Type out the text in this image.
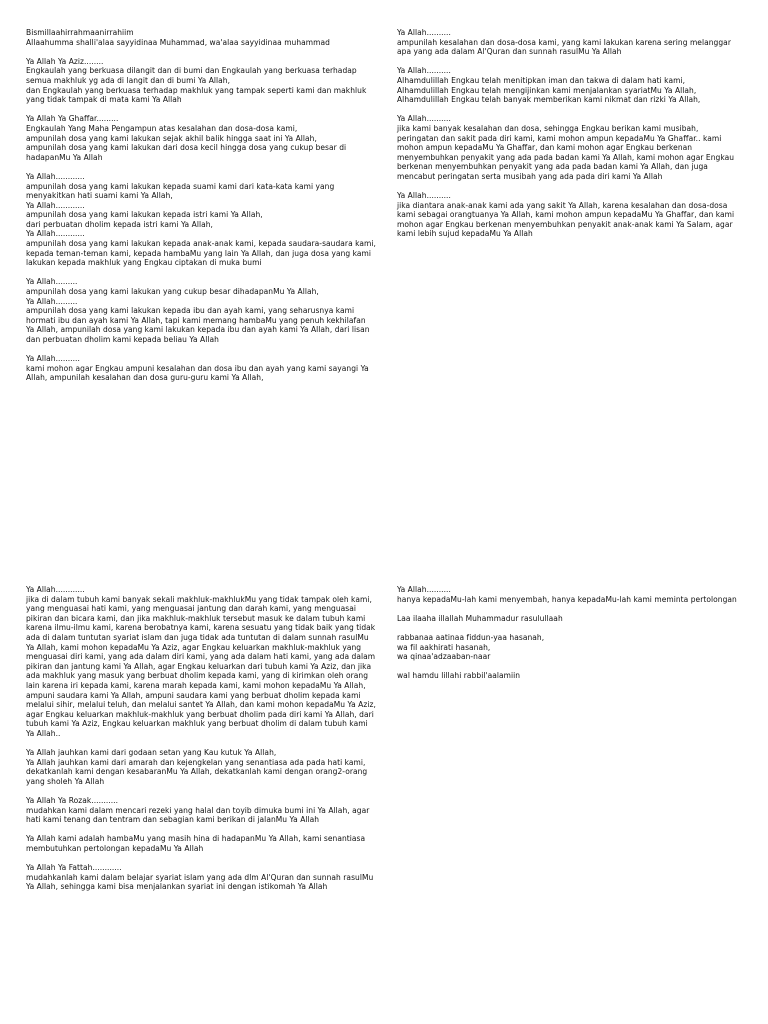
Bismillaahirrahmaanirrahiim
Allaahumma shalli'alaa sayyidinaa Muhammad, wa'alaa sayyidinaa muhammad
Ya Allah Ya Aziz........
Engkaulah yang berkuasa dilangit dan di bumi dan Engkaulah yang berkuasa terhadap semua makhluk yg ada di langit dan di bumi Ya Allah,
dan Engkaulah yang berkuasa terhadap makhluk yang tampak seperti kami dan makhluk yang tidak tampak di mata kami Ya Allah
Ya Allah Ya Ghaffar.........
Engkaulah Yang Maha Pengampun atas kesalahan dan dosa-dosa kami,
ampunilah dosa yang kami lakukan sejak akhil balik hingga saat ini Ya Allah,
ampunilah dosa yang kami lakukan dari dosa kecil hingga dosa yang cukup besar di hadapanMu Ya Allah
Ya Allah............
ampunilah dosa yang kami lakukan kepada suami kami dari kata-kata kami yang menyakitkan hati suami kami Ya Allah,
Ya Allah............
ampunilah dosa yang kami lakukan kepada istri kami Ya Allah,
dari perbuatan dholim kepada istri kami Ya Allah,
Ya Allah............
ampunilah dosa yang kami lakukan kepada anak-anak kami, kepada saudara-saudara kami, kepada teman-teman kami, kepada hambaMu yang lain Ya Allah, dan juga dosa yang kami lakukan kepada makhluk yang Engkau ciptakan di muka bumi
Ya Allah.........
ampunilah dosa yang kami lakukan yang cukup besar dihadapanMu Ya Allah,
Ya Allah.........
ampunilah dosa yang kami lakukan kepada ibu dan ayah kami, yang seharusnya kami hormati ibu dan ayah kami Ya Allah, tapi kami memang hambaMu yang penuh kekhilafan Ya Allah, ampunilah dosa yang kami lakukan kepada ibu dan ayah kami Ya Allah, dari lisan dan perbuatan dholim kami kepada beliau Ya Allah
Ya Allah..........
kami mohon agar Engkau ampuni kesalahan dan dosa ibu dan ayah yang kami sayangi Ya Allah, ampunilah kesalahan dan dosa guru-guru kami Ya Allah,
Ya Allah..........
ampunilah kesalahan dan dosa-dosa kami, yang kami lakukan karena sering melanggar apa yang ada dalam Al'Quran dan sunnah rasulMu Ya Allah
Ya Allah..........
Alhamdulillah Engkau telah menitipkan iman dan takwa di dalam hati kami,
Alhamdulillah Engkau telah mengijinkan kami menjalankan syariatMu Ya Allah,
Alhamdulillah Engkau telah banyak memberikan kami nikmat dan rizki Ya Allah,
Ya Allah..........
jika kami banyak kesalahan dan dosa, sehingga Engkau berikan kami musibah, peringatan dan sakit pada diri kami, kami mohon ampun kepadaMu Ya Ghaffar.. kami mohon ampun kepadaMu Ya Ghaffar, dan kami mohon agar Engkau berkenan menyembuhkan penyakit yang ada pada badan kami Ya Allah, kami mohon agar Engkau berkenan menyembuhkan penyakit yang ada pada badan kami Ya Allah, dan juga mencabut peringatan serta musibah yang ada pada diri kami Ya Allah
Ya Allah..........
jika diantara anak-anak kami ada yang sakit Ya Allah, karena kesalahan dan dosa-dosa kami sebagai orangtuanya Ya Allah, kami mohon ampun kepadaMu Ya Ghaffar, dan kami mohon agar Engkau berkenan menyembuhkan penyakit anak-anak kami Ya Salam, agar kami lebih sujud kepadaMu Ya Allah
Ya Allah............
jika di dalam tubuh kami banyak sekali makhluk-makhlukMu yang tidak tampak oleh kami, yang menguasai hati kami, yang menguasai jantung dan darah kami, yang menguasai pikiran dan bicara kami, dan jika makhluk-makhluk tersebut masuk ke dalam tubuh kami karena ilmu-ilmu kami, karena berobatnya kami, karena sesuatu yang tidak baik yang tidak ada di dalam tuntutan syariat islam dan juga tidak ada tuntutan di dalam sunnah rasulMu Ya Allah, kami mohon kepadaMu Ya Aziz, agar Engkau keluarkan makhluk-makhluk yang menguasai diri kami, yang ada dalam diri kami, yang ada dalam hati kami, yang ada dalam pikiran dan jantung kami Ya Allah, agar Engkau keluarkan dari tubuh kami Ya Aziz, dan jika ada makhluk yang masuk yang berbuat dholim kepada kami, yang di kirimkan oleh orang lain karena iri kepada kami, karena marah kepada kami, kami mohon kepadaMu Ya Allah, ampuni saudara kami Ya Allah, ampuni saudara kami yang berbuat dholim kepada kami melalui sihir, melalui teluh, dan melalui santet Ya Allah, dan kami mohon kepadaMu Ya Aziz, agar Engkau keluarkan makhluk-makhluk yang berbuat dholim pada diri kami Ya Allah, dari tubuh kami Ya Aziz, Engkau keluarkan makhluk yang berbuat dholim di dalam tubuh kami Ya Allah..
Ya Allah jauhkan kami dari godaan setan yang Kau kutuk Ya Allah,
Ya Allah jauhkan kami dari amarah dan kejengkelan yang senantiasa ada pada hati kami, dekatkanlah kami dengan kesabaranMu Ya Allah, dekatkanlah kami dengan orang2-orang yang sholeh Ya Allah
Ya Allah Ya Rozak...........
mudahkan kami dalam mencari rezeki yang halal dan toyib dimuka bumi ini Ya Allah, agar hati kami tenang dan tentram dan sebagian kami berikan di jalanMu Ya Allah
Ya Allah kami adalah hambaMu yang masih hina di hadapanMu Ya Allah, kami senantiasa membutuhkan pertolongan kepadaMu Ya Allah
Ya Allah Ya Fattah............
mudahkanlah kami dalam belajar syariat islam yang ada dlm Al'Quran dan sunnah rasulMu Ya Allah, sehingga kami bisa menjalankan syariat ini dengan istikomah Ya Allah
Ya Allah..........
hanya kepadaMu-lah kami menyembah, hanya kepadaMu-lah kami meminta pertolongan
Laa ilaaha illallah Muhammadur rasulullaah
rabbanaa aatinaa fiddun-yaa hasanah,
wa fil aakhirati hasanah,
wa qinaa'adzaaban-naar
wal hamdu lillahi rabbil'aalamiin
